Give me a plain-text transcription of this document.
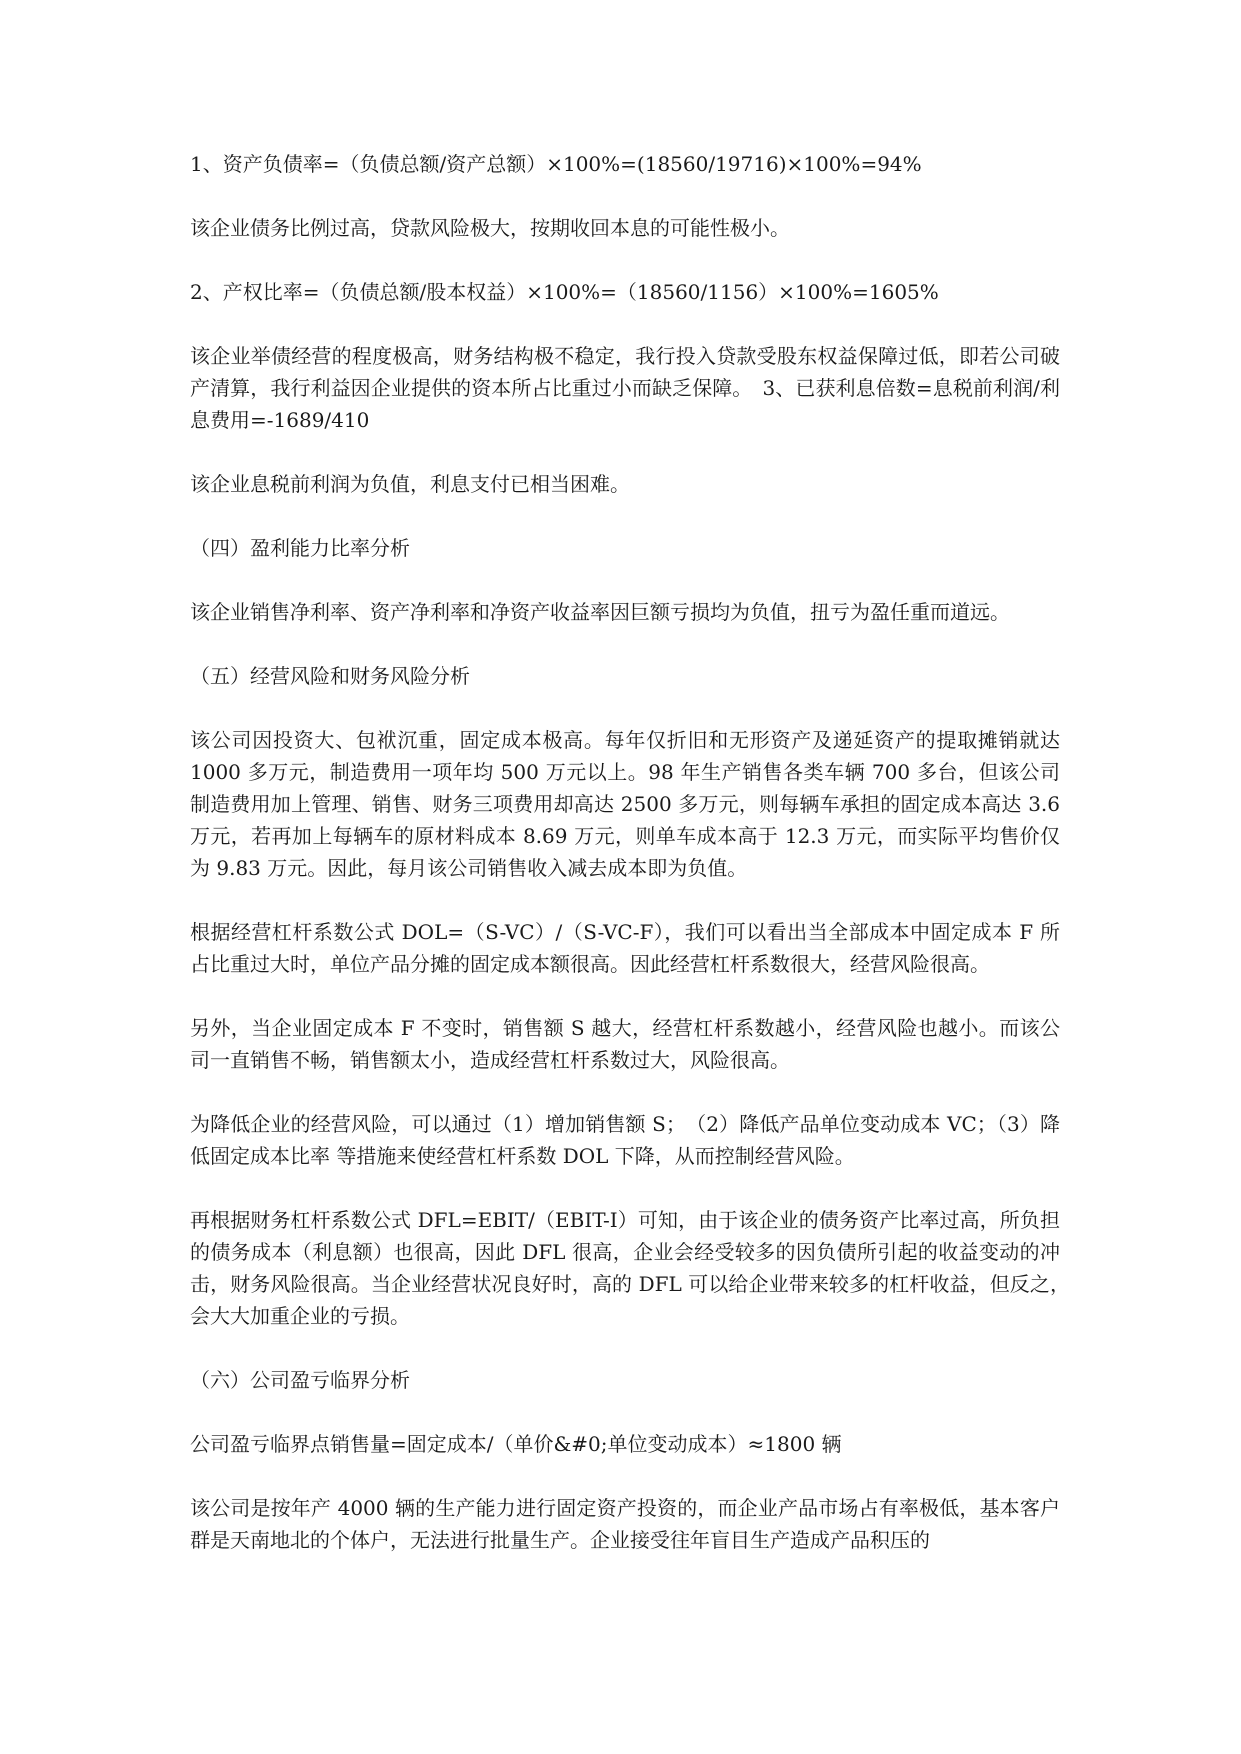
1、资产负债率=（负债总额/资产总额）×100%=(18560/19716)×100%=94%

该企业债务比例过高，贷款风险极大，按期收回本息的可能性极小。

2、产权比率=（负债总额/股本权益）×100%=（18560/1156）×100%=1605%

该企业举债经营的程度极高，财务结构极不稳定，我行投入贷款受股东权益保障过低，即若公司破产清算，我行利益因企业提供的资本所占比重过小而缺乏保障。　3、已获利息倍数=息税前利润/利息费用=-1689/410

该企业息税前利润为负值，利息支付已相当困难。

（四）盈利能力比率分析

该企业销售净利率、资产净利率和净资产收益率因巨额亏损均为负值，扭亏为盈任重而道远。

（五）经营风险和财务风险分析

该公司因投资大、包袱沉重，固定成本极高。每年仅折旧和无形资产及递延资产的提取摊销就达 1000 多万元，制造费用一项年均 500 万元以上。98 年生产销售各类车辆 700 多台，但该公司制造费用加上管理、销售、财务三项费用却高达 2500 多万元，则每辆车承担的固定成本高达 3.6 万元，若再加上每辆车的原材料成本 8.69 万元，则单车成本高于 12.3 万元，而实际平均售价仅为 9.83 万元。因此，每月该公司销售收入减去成本即为负值。

根据经营杠杆系数公式 DOL=（S-VC）/（S-VC-F），我们可以看出当全部成本中固定成本 F 所占比重过大时，单位产品分摊的固定成本额很高。因此经营杠杆系数很大，经营风险很高。

另外，当企业固定成本 F 不变时，销售额 S 越大，经营杠杆系数越小，经营风险也越小。而该公司一直销售不畅，销售额太小，造成经营杠杆系数过大，风险很高。

为降低企业的经营风险，可以通过（1）增加销售额 S；　（2）降低产品单位变动成本 VC；（3）降低固定成本比率 等措施来使经营杠杆系数 DOL 下降，从而控制经营风险。

再根据财务杠杆系数公式 DFL=EBIT/（EBIT-I）可知，由于该企业的债务资产比率过高，所负担的债务成本（利息额）也很高，因此 DFL 很高，企业会经受较多的因负债所引起的收益变动的冲击，财务风险很高。当企业经营状况良好时，高的 DFL 可以给企业带来较多的杠杆收益，但反之，　会大大加重企业的亏损。

（六）公司盈亏临界分析

公司盈亏临界点销售量=固定成本/（单价&#0;单位变动成本）≈1800 辆

该公司是按年产 4000 辆的生产能力进行固定资产投资的，而企业产品市场占有率极低，基本客户群是天南地北的个体户，无法进行批量生产。企业接受往年盲目生产造成产品积压的
